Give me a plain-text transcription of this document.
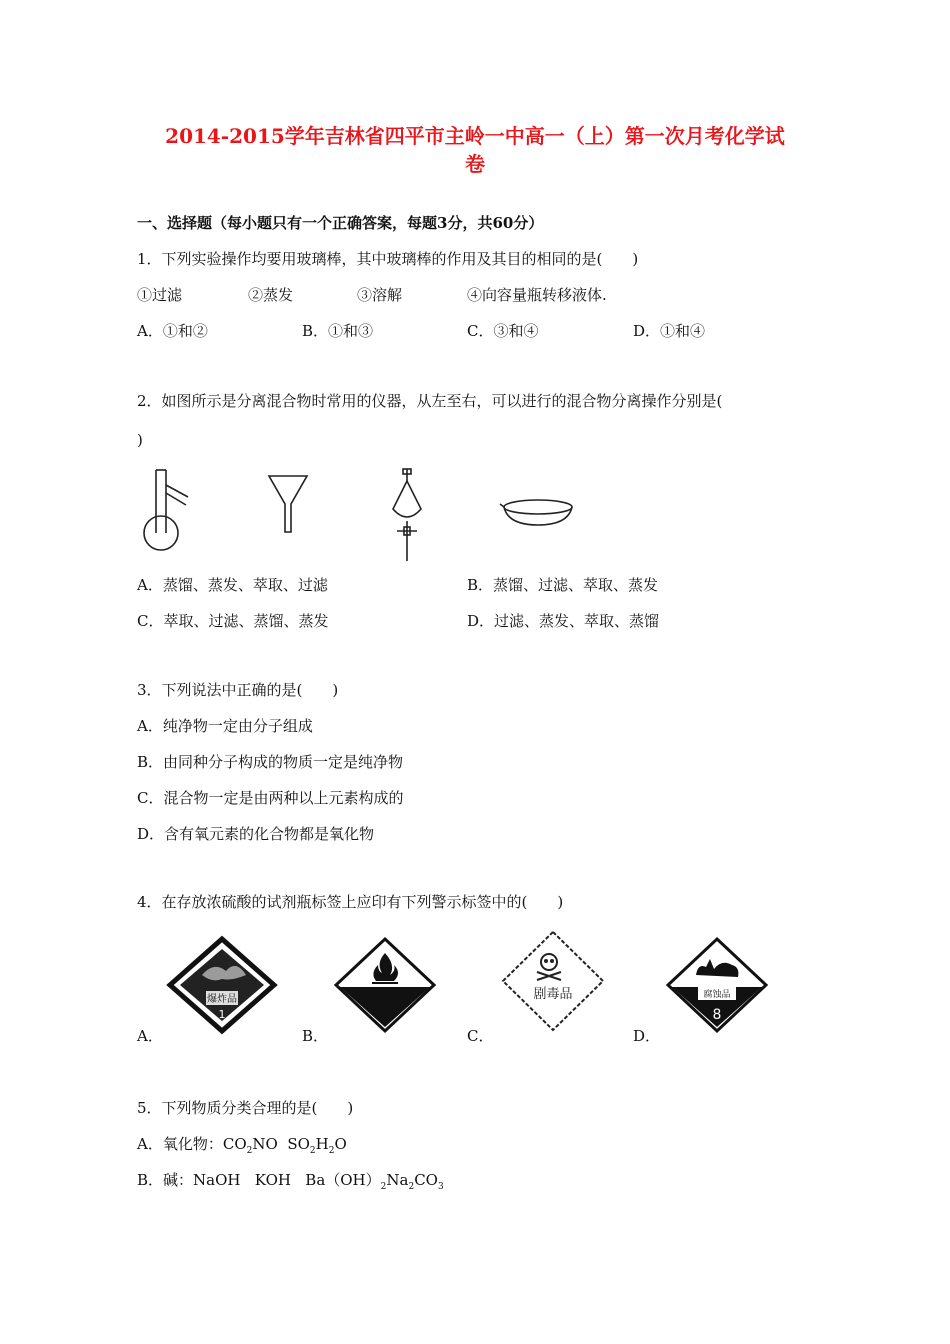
2014-2015学年吉林省四平市主岭一中高一（上）第一次月考化学试
卷
一、选择题（每小题只有一个正确答案，每题3分，共60分）
1．下列实验操作均要用玻璃棒，其中玻璃棒的作用及其目的相同的是(　　)
①过滤	②蒸发	③溶解	④向容量瓶转移液体.
A．①和②	B．①和③	C．③和④	D．①和④
2．如图所示是分离混合物时常用的仪器，从左至右，可以进行的混合物分离操作分别是(
)
A．蒸馏、蒸发、萃取、过滤	B．蒸馏、过滤、萃取、蒸发
C．萃取、过滤、蒸馏、蒸发	D．过滤、蒸发、萃取、蒸馏
3．下列说法中正确的是(　　)
A．纯净物一定由分子组成
B．由同种分子构成的物质一定是纯净物
C．混合物一定是由两种以上元素构成的
D．含有氧元素的化合物都是氧化物
4．在存放浓硫酸的试剂瓶标签上应印有下列警示标签中的(　　)
爆炸品
1
A．	B．
剧毒品
C．
腐蚀品
8
D．
5．下列物质分类合理的是(　　)
A．氧化物：$CO_2NO$ $SO_2H_2O$
B．碱：NaOH KOH $Ba(OH)_2Na_2CO_3$
